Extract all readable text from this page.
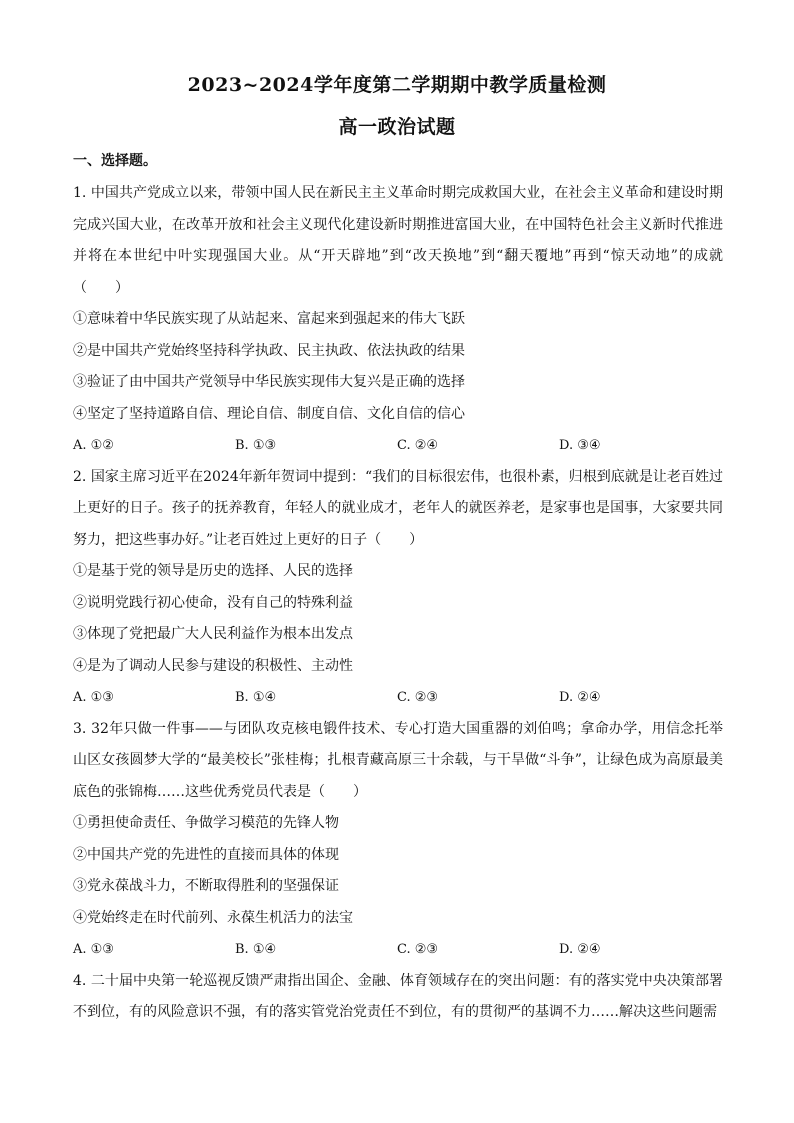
2023~2024学年度第二学期期中教学质量检测
高一政治试题
一、选择题。

1. 中国共产党成立以来，带领中国人民在新民主主义革命时期完成救国大业，在社会主义革命和建设时期完成兴国大业，在改革开放和社会主义现代化建设新时期推进富国大业，在中国特色社会主义新时代推进并将在本世纪中叶实现强国大业。从“开天辟地”到“改天换地”到“翻天覆地”再到“惊天动地”的成就（　　）

①意味着中华民族实现了从站起来、富起来到强起来的伟大飞跃

②是中国共产党始终坚持科学执政、民主执政、依法执政的结果

③验证了由中国共产党领导中华民族实现伟大复兴是正确的选择

④坚定了坚持道路自信、理论自信、制度自信、文化自信的信心

A. ①②	B. ①③	C. ②④	D. ③④

2. 国家主席习近平在2024年新年贺词中提到：“我们的目标很宏伟，也很朴素，归根到底就是让老百姓过上更好的日子。孩子的抚养教育，年轻人的就业成才，老年人的就医养老，是家事也是国事，大家要共同努力，把这些事办好。”让老百姓过上更好的日子（　　）

①是基于党的领导是历史的选择、人民的选择

②说明党践行初心使命，没有自己的特殊利益

③体现了党把最广大人民利益作为根本出发点

④是为了调动人民参与建设的积极性、主动性

A. ①③	B. ①④	C. ②③	D. ②④

3. 32年只做一件事——与团队攻克核电锻件技术、专心打造大国重器的刘伯鸣；拿命办学，用信念托举山区女孩圆梦大学的“最美校长”张桂梅；扎根青藏高原三十余载，与干旱做“斗争”，让绿色成为高原最美底色的张锦梅……这些优秀党员代表是（　　）

①勇担使命责任、争做学习模范的先锋人物

②中国共产党的先进性的直接而具体的体现

③党永葆战斗力，不断取得胜利的坚强保证

④党始终走在时代前列、永葆生机活力的法宝

A. ①③	B. ①④	C. ②③	D. ②④

4. 二十届中央第一轮巡视反馈严肃指出国企、金融、体育领域存在的突出问题：有的落实党中央决策部署不到位，有的风险意识不强，有的落实管党治党责任不到位，有的贯彻严的基调不力……解决这些问题需
